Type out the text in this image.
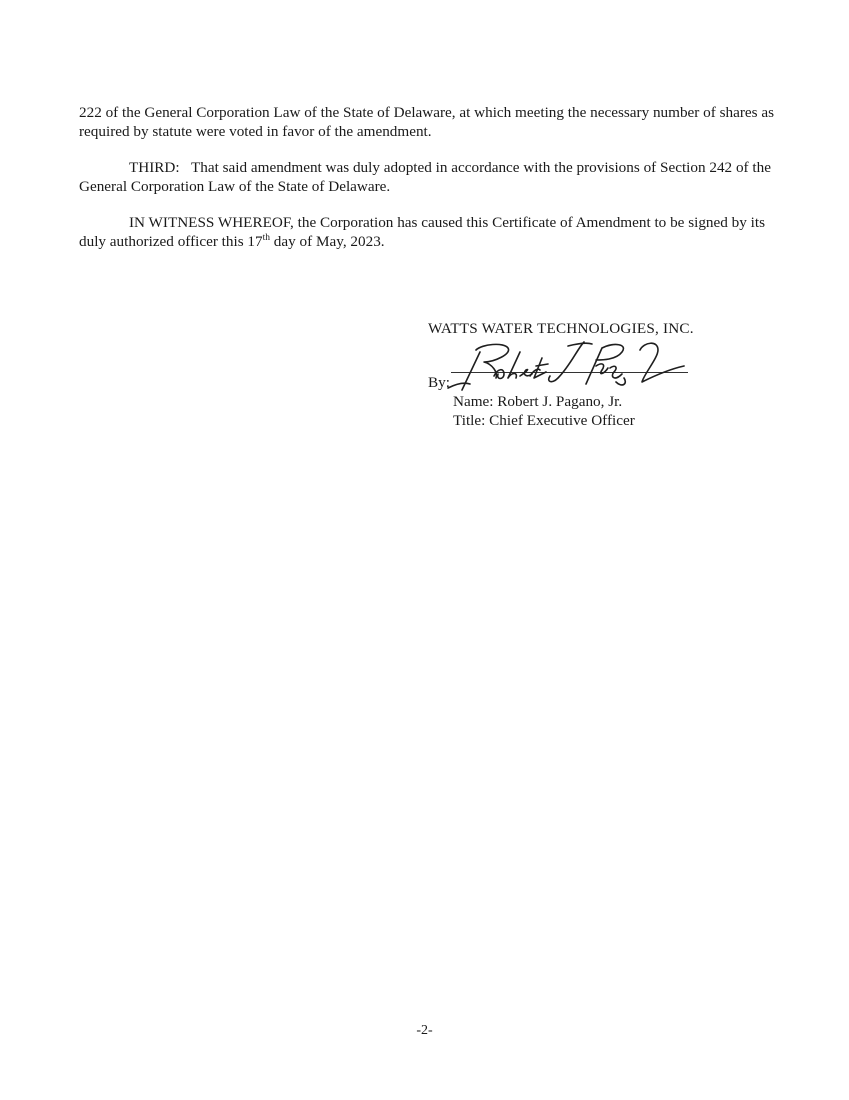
222 of the General Corporation Law of the State of Delaware, at which meeting the necessary number of shares as required by statute were voted in favor of the amendment.

THIRD: That said amendment was duly adopted in accordance with the provisions of Section 242 of the General Corporation Law of the State of Delaware.

IN WITNESS WHEREOF, the Corporation has caused this Certificate of Amendment to be signed by its duly authorized officer this 17th day of May, 2023.

WATTS WATER TECHNOLOGIES, INC.
By:
Name: Robert J. Pagano, Jr.
Title: Chief Executive Officer
-2-
